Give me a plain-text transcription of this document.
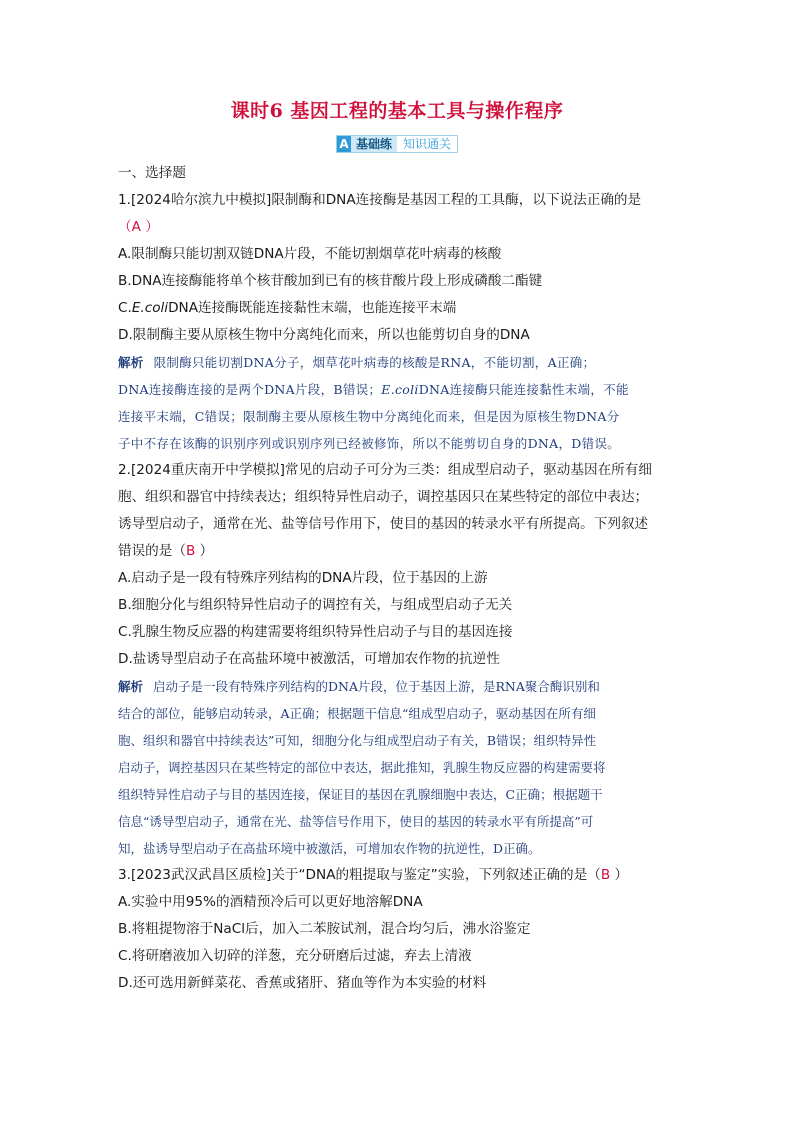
课时6 基因工程的基本工具与操作程序
A 基础练 知识通关
一、选择题
1.[2024哈尔滨九中模拟]限制酶和DNA连接酶是基因工程的工具酶，以下说法正确的是
（A ）
A.限制酶只能切割双链DNA片段，不能切割烟草花叶病毒的核酸
B.DNA连接酶能将单个核苷酸加到已有的核苷酸片段上形成磷酸二酯键
C.E.coliDNA连接酶既能连接黏性末端，也能连接平末端
D.限制酶主要从原核生物中分离纯化而来，所以也能剪切自身的DNA
解析 限制酶只能切割DNA分子，烟草花叶病毒的核酸是RNA，不能切割，A正确；
DNA连接酶连接的是两个DNA片段，B错误；E.coliDNA连接酶只能连接黏性末端，不能
连接平末端，C错误；限制酶主要从原核生物中分离纯化而来，但是因为原核生物DNA分
子中不存在该酶的识别序列或识别序列已经被修饰，所以不能剪切自身的DNA，D错误。
2.[2024重庆南开中学模拟]常见的启动子可分为三类：组成型启动子，驱动基因在所有细
胞、组织和器官中持续表达；组织特异性启动子，调控基因只在某些特定的部位中表达；
诱导型启动子，通常在光、盐等信号作用下，使目的基因的转录水平有所提高。下列叙述
错误的是（B ）
A.启动子是一段有特殊序列结构的DNA片段，位于基因的上游
B.细胞分化与组织特异性启动子的调控有关，与组成型启动子无关
C.乳腺生物反应器的构建需要将组织特异性启动子与目的基因连接
D.盐诱导型启动子在高盐环境中被激活，可增加农作物的抗逆性
解析 启动子是一段有特殊序列结构的DNA片段，位于基因上游，是RNA聚合酶识别和
结合的部位，能够启动转录，A正确；根据题干信息“组成型启动子，驱动基因在所有细
胞、组织和器官中持续表达”可知，细胞分化与组成型启动子有关，B错误；组织特异性
启动子，调控基因只在某些特定的部位中表达，据此推知，乳腺生物反应器的构建需要将
组织特异性启动子与目的基因连接，保证目的基因在乳腺细胞中表达，C正确；根据题干
信息“诱导型启动子，通常在光、盐等信号作用下，使目的基因的转录水平有所提高”可
知，盐诱导型启动子在高盐环境中被激活，可增加农作物的抗逆性，D正确。
3.[2023武汉武昌区质检]关于“DNA的粗提取与鉴定”实验，下列叙述正确的是（B ）
A.实验中用95%的酒精预冷后可以更好地溶解DNA
B.将粗提物溶于NaCl后，加入二苯胺试剂，混合均匀后，沸水浴鉴定
C.将研磨液加入切碎的洋葱，充分研磨后过滤，弃去上清液
D.还可选用新鲜菜花、香蕉或猪肝、猪血等作为本实验的材料
